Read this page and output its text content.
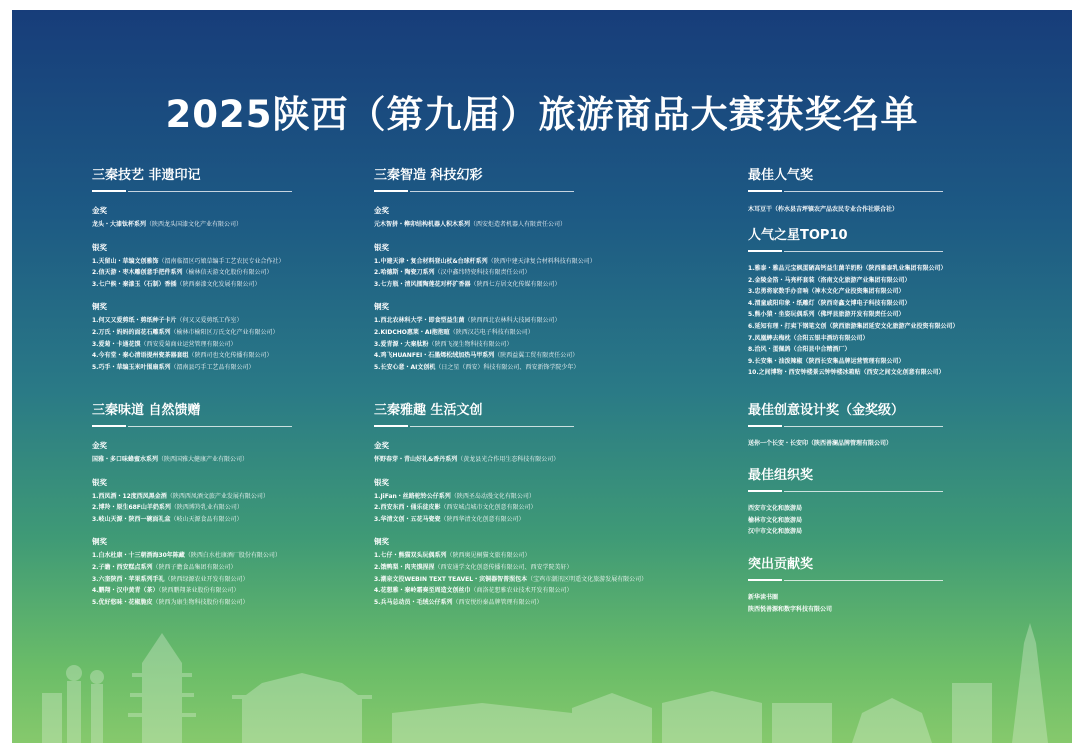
2025陕西（第九届）旅游商品大赛获奖名单
三秦技艺 非遗印记
金奖
龙头・大漆钛杯系列（陕西龙头国漆文化产业有限公司）
银奖
1.天留山・草编文创雅饰（渭南临渭区巧娘草编手工艺农民专业合作社）
2.信天游・枣木雕创意手把件系列（榆林信天游文化股份有限公司）
3.七户候・秦漆玉（石制）香插（陕西秦漆文化发展有限公司）
铜奖
1.何又又爱剪纸・剪纸种子卡片（何又又爱剪纸工作室）
2.万氏・妈妈的面花石雕系列（榆林市榆阳区万氏文化产业有限公司）
3.爱菊・卡通花馍（西安爱菊商业运营管理有限公司）
4.今有堂・秦心清语提州瓷茶器套组（陕西司也文化传播有限公司）
5.巧手・草编玉米叶围扇系列（渭南县巧手工艺品有限公司）
三秦味道 自然馈赠
金奖
国雅・多口味蜂蜜水系列（陕西国雅大健康产业有限公司）
银奖
1.西凤酒・12度西凤黑金酒（陕西西凤酒文旅产业发展有限公司）
2.博羚・原生68F山羊奶系列（陕西博羚乳业有限公司）
3.岐山天源・陕西一碗面礼盒（岐山天源食品有限公司）
铜奖
1.白水杜康・十三朝酒海30年陈藏（陕西白水杜康酒厂股份有限公司）
2.子瞻・西安糕点系列（陕西子瞻食品集团有限公司）
3.六奎陕西・苹果系列手礼（陕西绿源农业开发有限公司）
4.鹏翔・汉中黄青（茶）（陕西鹏翔茶业股份有限公司）
5.优好悠味・花椒脆皮（陕西为康生物科技股份有限公司）
三秦智造 科技幻彩
金奖
元木智拼・榫卯结构机器人积木系列（西安炬造者机器人有限责任公司）
银奖
1.中建天津・复合材料登山杖&台球杆系列（陕西中建天津复合材料科技有限公司）
2.哈德斯・陶瓷刀系列（汉中鑫纬特瓷科技有限责任公司）
3.七方瓶・清风擂陶莲花对杯扩香器（陕西七方居文化传媒有限公司）
铜奖
1.西北农林科大学・即食型益生菌（陕西西北农林科大技园有限公司）
2.KIDCHO惠莱・AI抱抱暄（陕西汉芯电子科技有限公司）
3.爱青源・大秦肽粉（陕西飞视生物科技有限公司）
4.鸡飞HUANFEI・石墨烯松绒加热马甲系列（陕西益翼工贸有限责任公司）
5.长安心意・AI文创机（日之星（西安）科技有限公司、西安新锋学院少年）
三秦雅趣 生活文创
金奖
怀野春芽・青山好礼&香丹系列（黄龙县光合作用生态科技有限公司）
银奖
1.JiFan・丝路驼铃公仔系列（陕西圣岛动漫文化有限公司）
2.西安东西・俑乐徒皮影（西安城点城市文化创意有限公司）
3.华清文创・五花马瓷瓷（陕西华清文化创意有限公司）
铜奖
1.七仔・熊猫双头玩偶系列（陕西奥见桐猫文旅有限公司）
2.饿鸭梨・肉夹馍捏捏（西安通学文化创意传播有限公司、西安学院美轩）
3.潮泉文投WEBIN TEXT TEAVEL・宾铜器智普照包本（宝鸡市潮汛区明遥文化旅游发展有限公司）
4.花想雅・秦岭霜奏至周造文创丝巾（商洛花想雅农业技术开发有限公司）
5.兵马总动员・毛绒公仔系列（西安悦纷秦品牌管理有限公司）
最佳人气奖
木耳豆干（柞水县吉坪镇农产品农民专业合作社联合社）
人气之星TOP10
1.雅泰・雅品元宝枫蛋硒高钙益生菌羊奶粉（陕西雅泰乳业集团有限公司）
2.金陵金箔・马亮杯套装（洛南文化旅游产业集团有限公司）
3.忠勇将家数手办音响（神木文化产业投资集团有限公司）
4.渭童戚阳印象・纸雕灯（陕西奇鑫文博电子科技有限公司）
5.熊小猿・坐姿玩偶系列（佛坪县旅游开发有限责任公司）
6.延知有理・打卖下钢笔文创（陕西旅游集团延安文化旅游产业投资有限公司）
7.凤凰蟀去梅枕（合阳五银丰酒坊有限公司）
8.洽风・蛋佩鸽（合阳县中合精酒厂）
9.长安集・油泼辣椒（陕西长安集品牌运营管理有限公司）
10.之间博物・西安钟楼景云钟钟楼冰箱贴（西安之间文化创意有限公司）
最佳创意设计奖（金奖级）
送你一个长安・长安印（陕西善澜品牌管理有限公司）
最佳组织奖
西安市文化和旅游局
榆林市文化和旅游局
汉中市文化和旅游局
突出贡献奖
新华读书圈
陕西悦善源和数字科技有限公司
